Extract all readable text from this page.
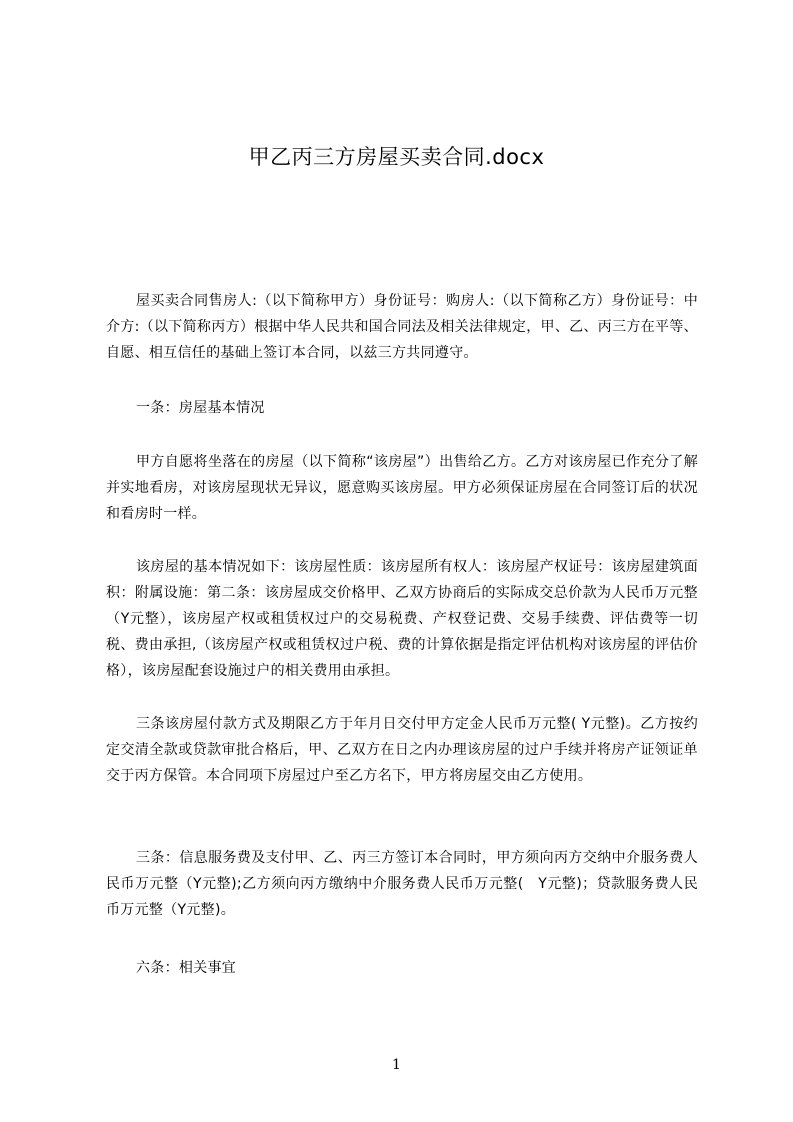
甲乙丙三方房屋买卖合同.docx

屋买卖合同售房人:（以下简称甲方）身份证号：购房人:（以下简称乙方）身份证号：中介方:（以下简称丙方）根据中华人民共和国合同法及相关法律规定，甲、乙、丙三方在平等、自愿、相互信任的基础上签订本合同，以兹三方共同遵守。

一条：房屋基本情况

甲方自愿将坐落在的房屋（以下简称“该房屋”）出售给乙方。乙方对该房屋已作充分了解并实地看房，对该房屋现状无异议，愿意购买该房屋。甲方必须保证房屋在合同签订后的状况和看房时一样。

该房屋的基本情况如下：该房屋性质：该房屋所有权人：该房屋产权证号：该房屋建筑面积：附属设施：第二条：该房屋成交价格甲、乙双方协商后的实际成交总价款为人民币万元整（Y元整），该房屋产权或租赁权过户的交易税费、产权登记费、交易手续费、评估费等一切税、费由承担,（该房屋产权或租赁权过户税、费的计算依据是指定评估机构对该房屋的评估价格），该房屋配套设施过户的相关费用由承担。

三条该房屋付款方式及期限乙方于年月日交付甲方定金人民币万元整( Y元整)。乙方按约定交清全款或贷款审批合格后，甲、乙双方在日之内办理该房屋的过户手续并将房产证领证单交于丙方保管。本合同项下房屋过户至乙方名下，甲方将房屋交由乙方使用。

三条：信息服务费及支付甲、乙、丙三方签订本合同时，甲方须向丙方交纳中介服务费人民币万元整（Y元整);乙方须向丙方缴纳中介服务费人民币万元整(　Y元整)；贷款服务费人民币万元整（Y元整)。

六条：相关事宜

1
